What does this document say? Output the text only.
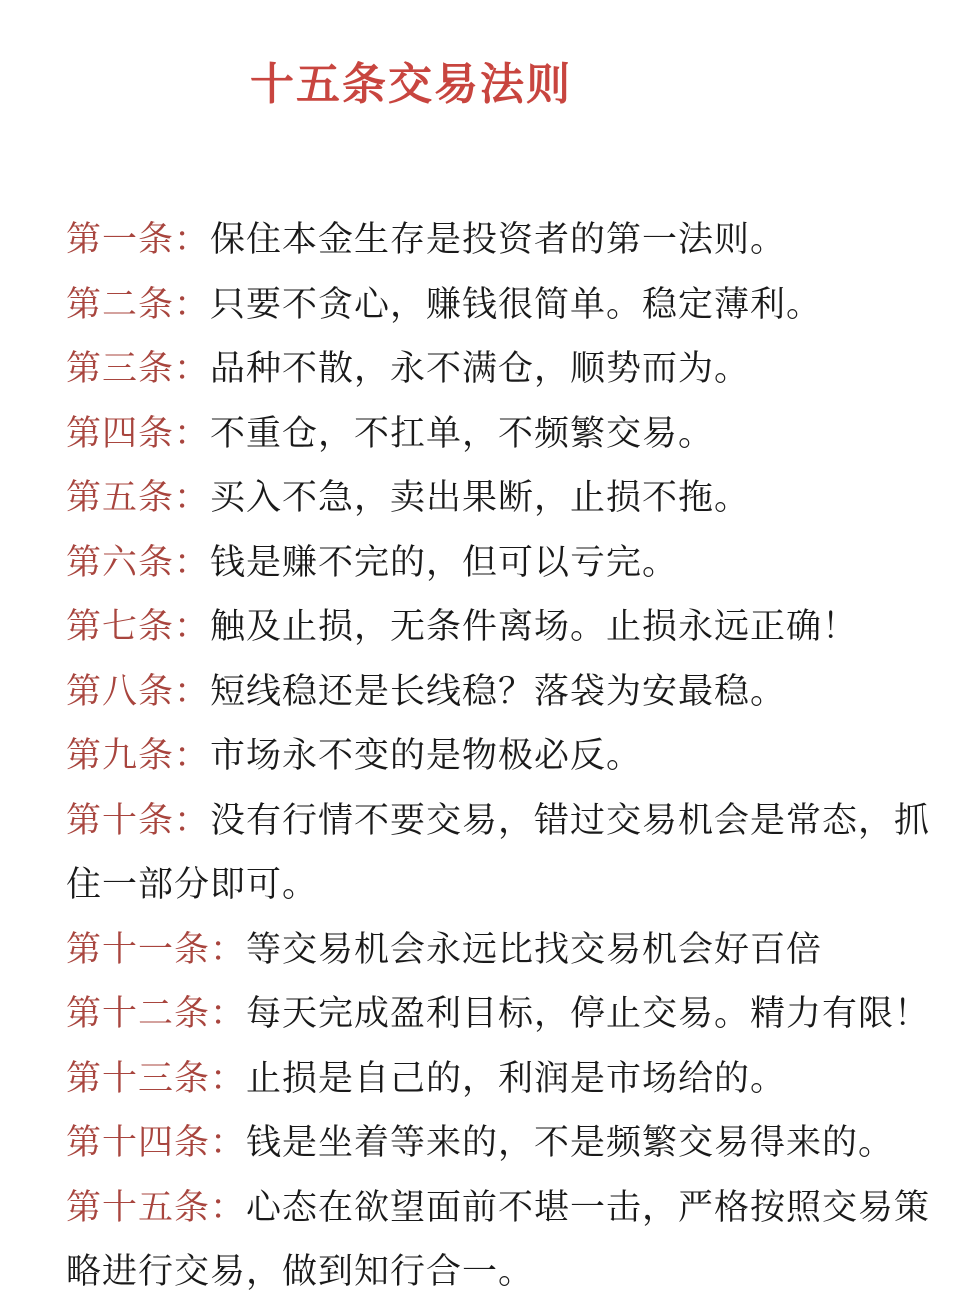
十五条交易法则
第一条：保住本金生存是投资者的第一法则。
第二条：只要不贪心，赚钱很简单。稳定薄利。
第三条：品种不散，永不满仓，顺势而为。
第四条：不重仓，不扛单，不频繁交易。
第五条：买入不急，卖出果断，止损不拖。
第六条：钱是赚不完的，但可以亏完。
第七条：触及止损，无条件离场。止损永远正确！
第八条：短线稳还是长线稳？落袋为安最稳。
第九条：市场永不变的是物极必反。
第十条：没有行情不要交易，错过交易机会是常态，抓住一部分即可。
第十一条：等交易机会永远比找交易机会好百倍
第十二条：每天完成盈利目标，停止交易。精力有限！
第十三条：止损是自己的，利润是市场给的。
第十四条：钱是坐着等来的，不是频繁交易得来的。
第十五条：心态在欲望面前不堪一击，严格按照交易策略进行交易，做到知行合一。
